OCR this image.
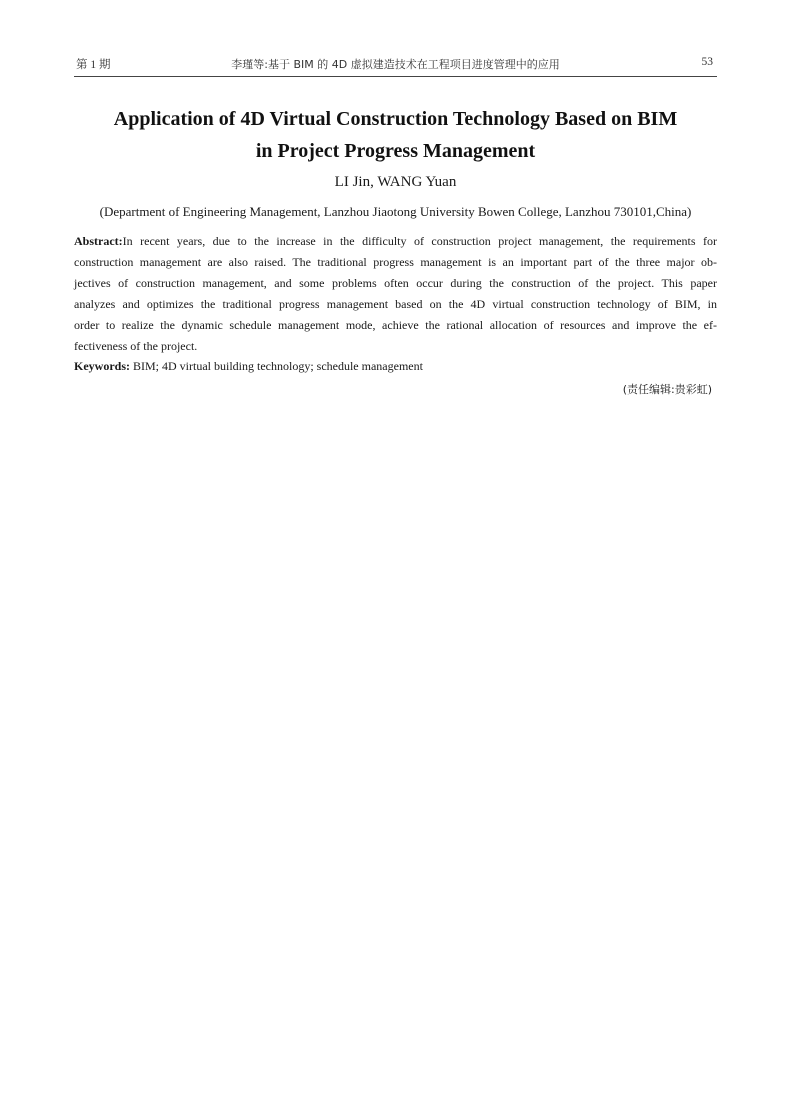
第 1 期	李瑾等:基于 BIM 的 4D 虚拟建造技术在工程项目进度管理中的应用	53
Application of 4D Virtual Construction Technology Based on BIM
in Project Progress Management
LI Jin, WANG Yuan
(Department of Engineering Management, Lanzhou Jiaotong University Bowen College, Lanzhou 730101,China)
Abstract:In recent years, due to the increase in the difficulty of construction project management, the requirements for
construction management are also raised. The traditional progress management is an important part of the three major ob-
jectives of construction management, and some problems often occur during the construction of the project. This paper
analyzes and optimizes the traditional progress management based on the 4D virtual construction technology of BIM, in
order to realize the dynamic schedule management mode, achieve the rational allocation of resources and improve the ef-
fectiveness of the project.
Keywords: BIM; 4D virtual building technology; schedule management
(责任编辑:贵彩虹)
